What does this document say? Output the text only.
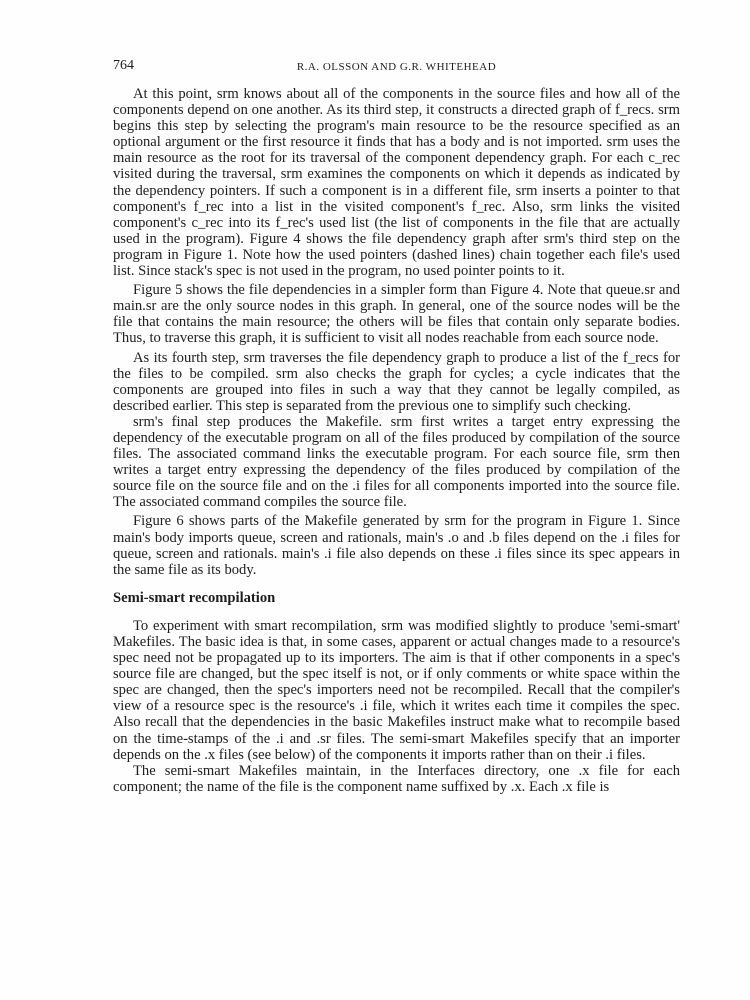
764	R.A. OLSSON AND G.R. WHITEHEAD

At this point, srm knows about all of the components in the source files and how all of the components depend on one another. As its third step, it constructs a directed graph of f_recs. srm begins this step by selecting the program's main resource to be the resource specified as an optional argument or the first resource it finds that has a body and is not imported. srm uses the main resource as the root for its traversal of the component dependency graph. For each c_rec visited during the traversal, srm examines the components on which it depends as indicated by the dependency pointers. If such a component is in a different file, srm inserts a pointer to that component's f_rec into a list in the visited component's f_rec. Also, srm links the visited component's c_rec into its f_rec's used list (the list of components in the file that are actually used in the program). Figure 4 shows the file dependency graph after srm's third step on the program in Figure 1. Note how the used pointers (dashed lines) chain together each file's used list. Since stack's spec is not used in the program, no used pointer points to it.

Figure 5 shows the file dependencies in a simpler form than Figure 4. Note that queue.sr and main.sr are the only source nodes in this graph. In general, one of the source nodes will be the file that contains the main resource; the others will be files that contain only separate bodies. Thus, to traverse this graph, it is sufficient to visit all nodes reachable from each source node.

As its fourth step, srm traverses the file dependency graph to produce a list of the f_recs for the files to be compiled. srm also checks the graph for cycles; a cycle indicates that the components are grouped into files in such a way that they cannot be legally compiled, as described earlier. This step is separated from the previous one to simplify such checking.

srm's final step produces the Makefile. srm first writes a target entry expressing the dependency of the executable program on all of the files produced by compilation of the source files. The associated command links the executable program. For each source file, srm then writes a target entry expressing the dependency of the files produced by compilation of the source file on the source file and on the .i files for all components imported into the source file. The associated command compiles the source file.

Figure 6 shows parts of the Makefile generated by srm for the program in Figure 1. Since main's body imports queue, screen and rationals, main's .o and .b files depend on the .i files for queue, screen and rationals. main's .i file also depends on these .i files since its spec appears in the same file as its body.

Semi-smart recompilation

To experiment with smart recompilation, srm was modified slightly to produce 'semi-smart' Makefiles. The basic idea is that, in some cases, apparent or actual changes made to a resource's spec need not be propagated up to its importers. The aim is that if other components in a spec's source file are changed, but the spec itself is not, or if only comments or white space within the spec are changed, then the spec's importers need not be recompiled. Recall that the compiler's view of a resource spec is the resource's .i file, which it writes each time it compiles the spec. Also recall that the dependencies in the basic Makefiles instruct make what to recompile based on the time-stamps of the .i and .sr files. The semi-smart Makefiles specify that an importer depends on the .x files (see below) of the components it imports rather than on their .i files.

The semi-smart Makefiles maintain, in the Interfaces directory, one .x file for each component; the name of the file is the component name suffixed by .x. Each .x file is
